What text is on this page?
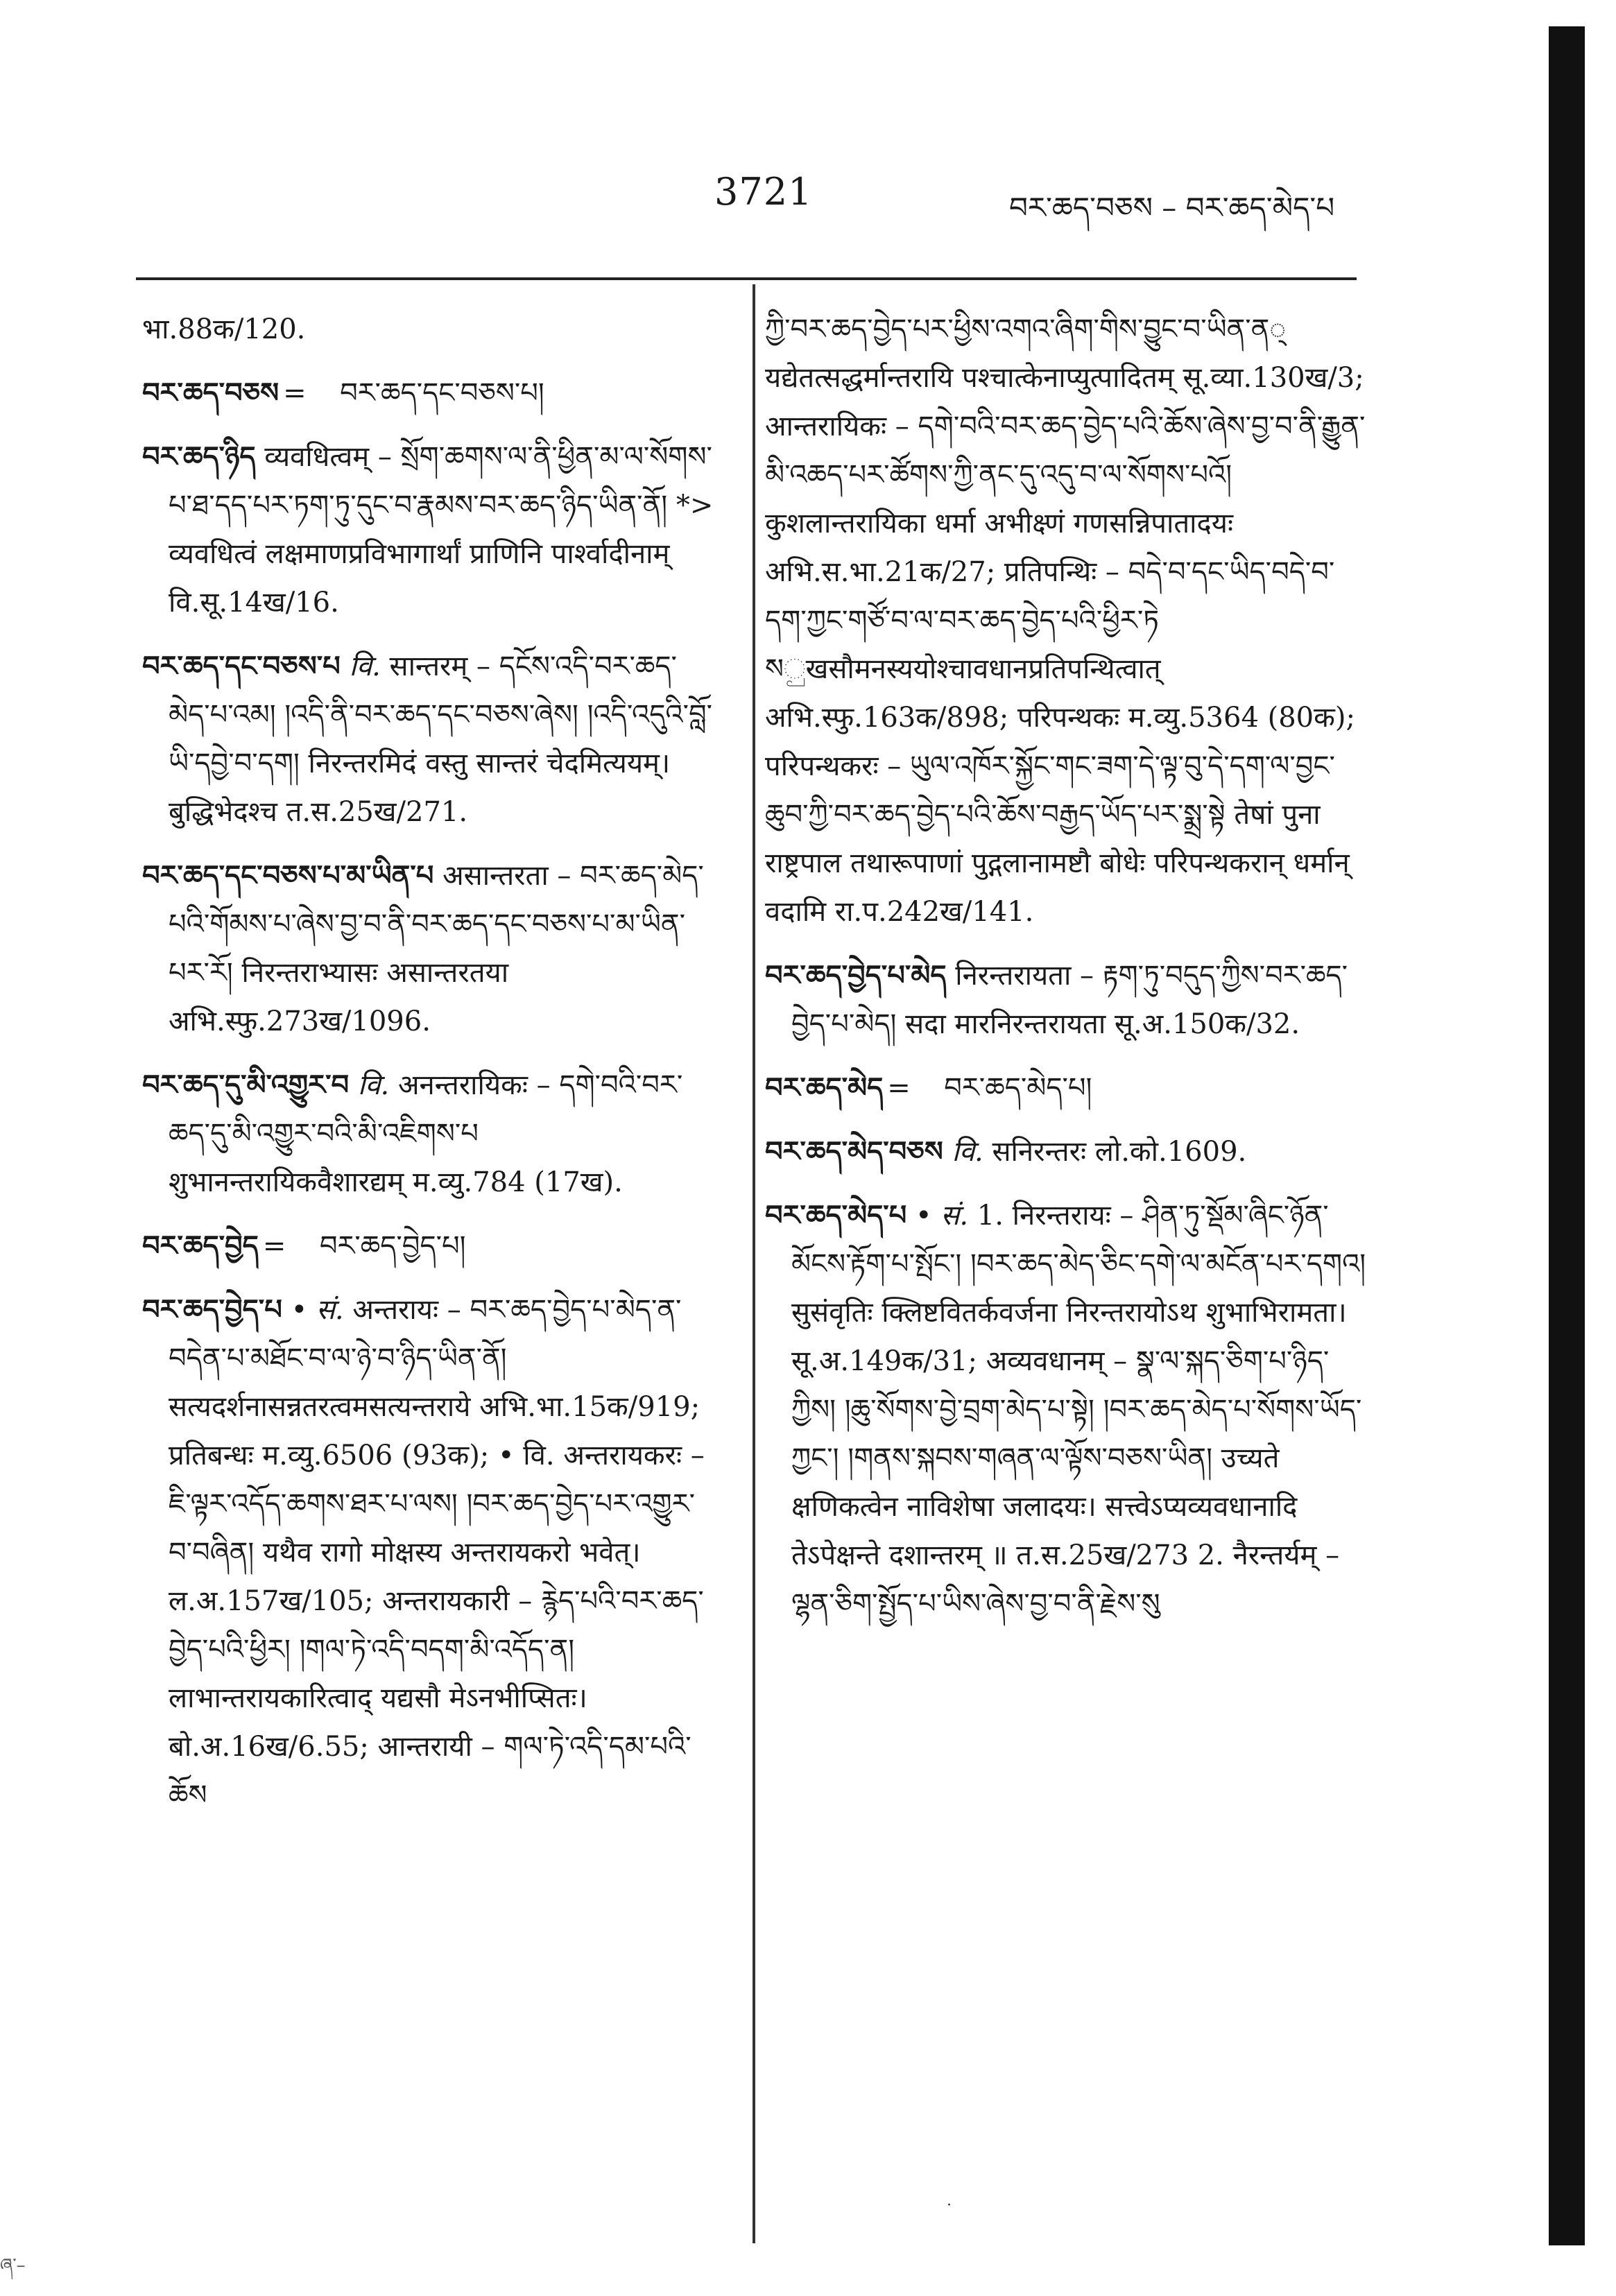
3721	བར་ཆད་བཅས – བར་ཆད་མེད་པ

भा.88क/120.

བར་ཆད་བཅས = བར་ཆད་དང་བཅས་པ།

བར་ཆད་ཉིད व्यवधित्वम् – སྲོག་ཆགས་ལ་ནི་ཕྱིན་མ་ལ་སོགས་པ་ཐ་དད་པར་ཏག་ཏུ་དུང་བ་རྣམས་བར་ཆད་ཉིད་ཡིན་ནོ། *> व्यवधित्वं लक्षमाणप्रविभागार्थां प्राणिनि पार्श्वादीनाम् वि.सू.14ख/16.

བར་ཆད་དང་བཅས་པ वि. सान्तरम् – དངོས་འདི་བར་ཆད་མེད་པ་འམ། །འདི་ནི་བར་ཆད་དང་བཅས་ཞེས། །འདི་འདུའི་བློ་ཡི་དབྱེ་བ་དག། निरन्तरमिदं वस्तु सान्तरं चेदमित्ययम्। बुद्धिभेदश्च त.स.25ख/271.

བར་ཆད་དང་བཅས་པ་མ་ཡིན་པ असान्तरता – བར་ཆད་མེད་པའི་གོམས་པ་ཞེས་བྱ་བ་ནི་བར་ཆད་དང་བཅས་པ་མ་ཡིན་པར་རོ། निरन्तराभ्यासः असान्तरतया अभि.स्फु.273ख/1096.

བར་ཆད་དུ་མི་འགྱུར་བ वि. अनन्तरायिकः – དགེ་བའི་བར་ཆད་དུ་མི་འགྱུར་བའི་མི་འཇིགས་པ शुभानन्तरायिकवैशारद्यम् म.व्यु.784 (17ख).

བར་ཆད་བྱེད = བར་ཆད་བྱེད་པ།

བར་ཆད་བྱེད་པ • सं. अन्तरायः – བར་ཆད་བྱེད་པ་མེད་ན་བདེན་པ་མཐོང་བ་ལ་ཉེ་བ་ཉིད་ཡིན་ནོ། सत्यदर्शनासन्नतरत्वमसत्यन्तराये अभि.भा.15क/919; प्रतिबन्धः म.व्यु.6506 (93क); • वि. अन्तरायकरः – ཇི་ལྟར་འདོད་ཆགས་ཐར་པ་ལས། །བར་ཆད་བྱེད་པར་འགྱུར་བ་བཞིན། यथैव रागो मोक्षस्य अन्तरायकरो भवेत्। ल.अ.157ख/105; अन्तरायकारी – རྙེད་པའི་བར་ཆད་བྱེད་པའི་ཕྱིར། །གལ་ཏེ་འདི་བདག་མི་འདོད་ན། लाभान्तरायकारित्वाद् यद्यसौ मेऽनभीप्सितः। बो.अ.16ख/6.55; आन्तरायी – གལ་ཏེ་འདི་དམ་པའི་ཆོས

ཀྱི་བར་ཆད་བྱེད་པར་ཕྱིས་འགའ་ཞིག་གིས་བྱུང་བ་ཡིན་ན् यद्येतत्सद्धर्मान्तरायि पश्चात्केनाप्युत्पादितम् सू.व्या.130ख/3; आन्तरायिकः – དགེ་བའི་བར་ཆད་བྱེད་པའི་ཆོས་ཞེས་བྱ་བ་ནི་རྒྱུན་མི་འཆད་པར་ཚོགས་ཀྱི་ནང་དུ་འདུ་བ་ལ་སོགས་པའོ། कुशलान्तरायिका धर्मा अभीक्ष्णं गणसन्निपातादयः अभि.स.भा.21क/27; प्रतिपन्थिः – བདེ་བ་དང་ཡིད་བདེ་བ་དག་ཀྱང་གཙོ་བ་ལ་བར་ཆད་བྱེད་པའི་ཕྱིར་ཏེ སුखसौमनस्ययोश्चावधानप्रतिपन्थित्वात् अभि.स्फु.163क/898; परिपन्थकः म.व्यु.5364 (80क); परिपन्थकरः – ཡུལ་འཁོར་སྐྱོང་གང་ཟག་དེ་ལྟ་བུ་དེ་དག་ལ་བྱང་ཆུབ་ཀྱི་བར་ཆད་བྱེད་པའི་ཆོས་བརྒྱད་ཡོད་པར་སྨྲ་སྟེ तेषां पुना राष्ट्रपाल तथारूपाणां पुद्गलानामष्टौ बोधेः परिपन्थकरान् धर्मान् वदामि रा.प.242ख/141.

བར་ཆད་བྱེད་པ་མེད निरन्तरायता – རྟག་ཏུ་བདུད་ཀྱིས་བར་ཆད་བྱེད་པ་མེད། सदा मारनिरन्तरायता सू.अ.150क/32.

བར་ཆད་མེད = བར་ཆད་མེད་པ།

བར་ཆད་མེད་བཅས वि. सनिरन्तरः लो.को.1609.

བར་ཆད་མེད་པ • सं. 1. निरन्तरायः – ཤིན་ཏུ་སྡོམ་ཞིང་ཉོན་མོངས་རྟོག་པ་སྤོང་། །བར་ཆད་མེད་ཅིང་དགེ་ལ་མངོན་པར་དགའ། सुसंवृतिः क्लिष्टवितर्कवर्जना निरन्तरायोऽथ शुभाभिरामता। सू.अ.149क/31; अव्यवधानम् – སྣ་ལ་སྐད་ཅིག་པ་ཉིད་ཀྱིས། །ཆུ་སོགས་བྱེ་བྲག་མེད་པ་སྟེ། །བར་ཆད་མེད་པ་སོགས་ཡོད་ཀྱང་། །གནས་སྐབས་གཞན་ལ་ལྟོས་བཅས་ཡིན། उच्यते क्षणिकत्वेन नाविशेषा जलादयः। सत्त्वेऽप्यव्यवधानादि तेऽपेक्षन्ते दशान्तरम् ॥ त.स.25ख/273 2. नैरन्तर्यम् – ལྷན་ཅིག་སྤྱོད་པ་ཡིས་ཞེས་བྱ་བ་ནི་རྗེས་སུ

ཞ་–
·
